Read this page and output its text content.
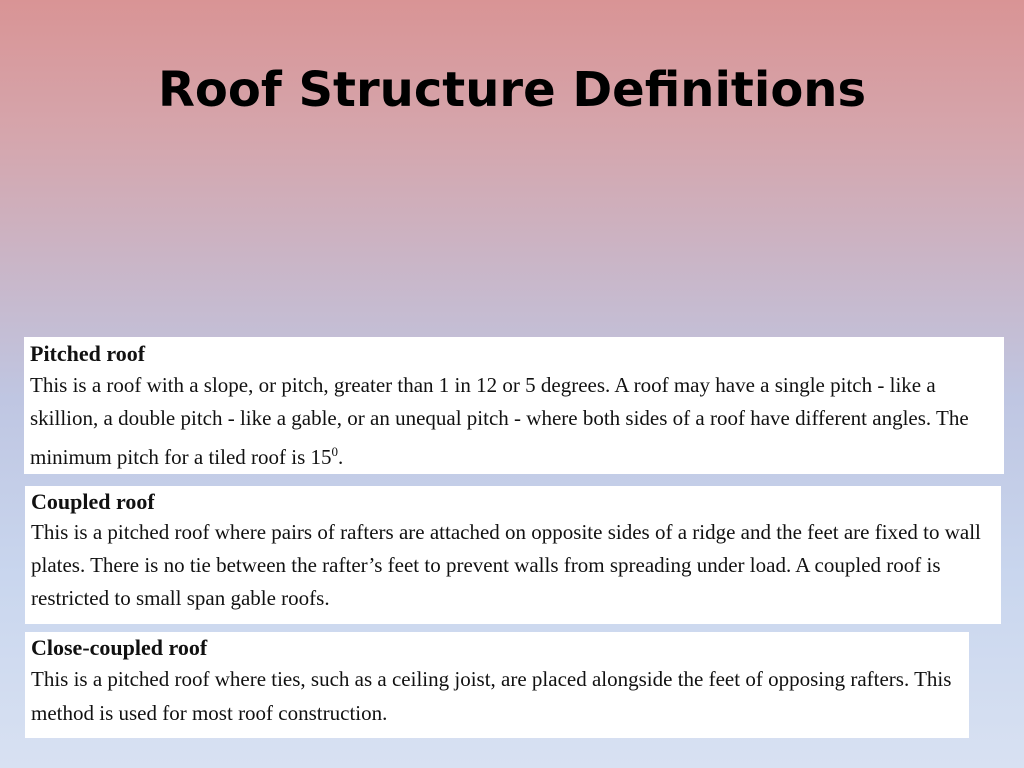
Roof Structure Definitions

Pitched roof

This is a roof with a slope, or pitch, greater than 1 in 12 or 5 degrees. A roof may have a single pitch - like a skillion, a double pitch - like a gable, or an unequal pitch - where both sides of a roof have different angles. The minimum pitch for a tiled roof is $15^0$.

Coupled roof

This is a pitched roof where pairs of rafters are attached on opposite sides of a ridge and the feet are fixed to wall plates. There is no tie between the rafter’s feet to prevent walls from spreading under load. A coupled roof is restricted to small span gable roofs.

Close-coupled roof

This is a pitched roof where ties, such as a ceiling joist, are placed alongside the feet of opposing rafters. This method is used for most roof construction.
